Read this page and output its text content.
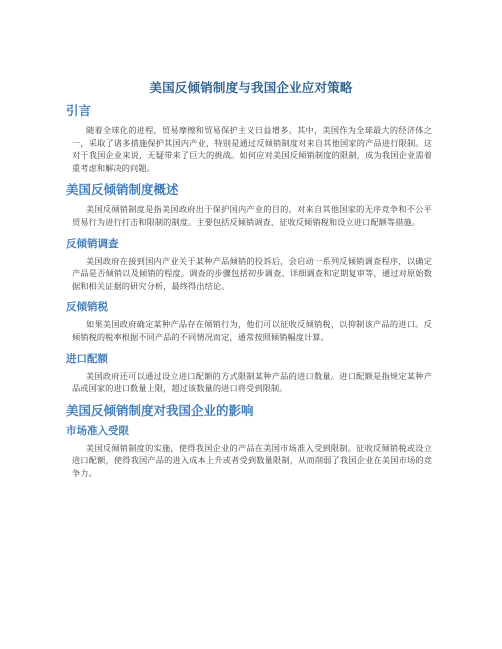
美国反倾销制度与我国企业应对策略
引言

随着全球化的进程，贸易摩擦和贸易保护主义日益增多。其中，美国作为全球最大的经济体之一，采取了诸多措施保护其国内产业，特别是通过反倾销制度对来自其他国家的产品进行限制。这对于我国企业来说，无疑带来了巨大的挑战。如何应对美国反倾销制度的限制，成为我国企业需着重考虑和解决的问题。

美国反倾销制度概述

美国反倾销制度是指美国政府出于保护国内产业的目的，对来自其他国家的无序竞争和不公平贸易行为进行打击和限制的制度。主要包括反倾销调查、征收反倾销税和设立进口配额等措施。

反倾销调查

美国政府在接到国内产业关于某种产品倾销的投诉后，会启动一系列反倾销调查程序，以确定产品是否倾销以及倾销的程度。调查的步骤包括初步调查、详细调查和定期复审等，通过对原始数据和相关证据的研究分析，最终得出结论。

反倾销税

如果美国政府确定某种产品存在倾销行为，他们可以征收反倾销税，以抑制该产品的进口。反倾销税的税率根据不同产品的不同情况而定，通常按照倾销幅度计算。

进口配额

美国政府还可以通过设立进口配额的方式限制某种产品的进口数量。进口配额是指规定某种产品或国家的进口数量上限，超过该数量的进口将受到限制。

美国反倾销制度对我国企业的影响
市场准入受限

美国反倾销制度的实施，使得我国企业的产品在美国市场准入受到限制。征收反倾销税或设立进口配额，使得我国产品的进入成本上升或者受到数量限制，从而削弱了我国企业在美国市场的竞争力。
